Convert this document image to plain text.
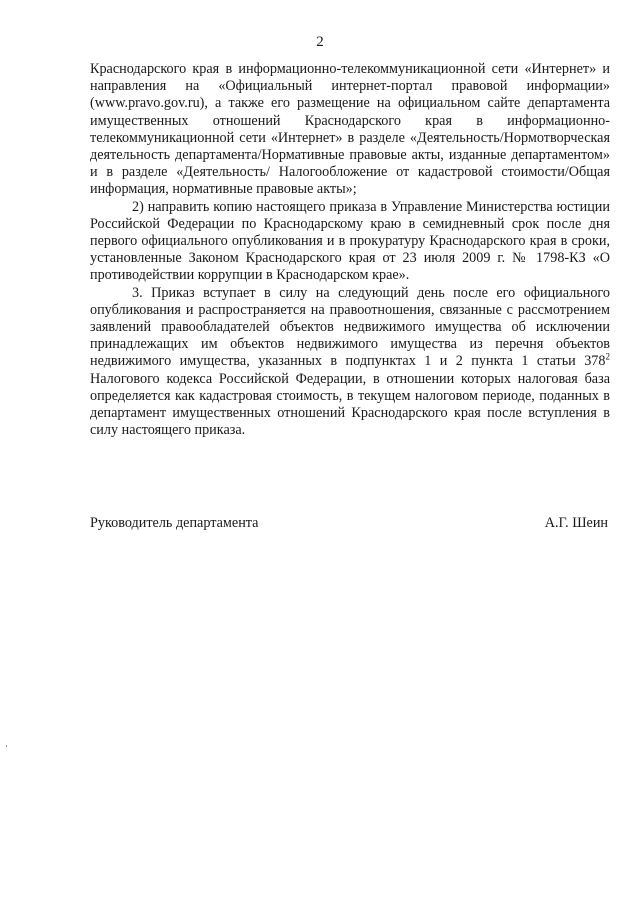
2

Краснодарского края в информационно-телекоммуникационной сети «Интернет» и направления на «Официальный интернет-портал правовой информации» (www.pravo.gov.ru), а также его размещение на официальном сайте департамента имущественных отношений Краснодарского края в информационно-телекоммуникационной сети «Интернет» в разделе «Деятельность/Нормотворческая деятельность департамента/Нормативные правовые акты, изданные департаментом» и в разделе «Деятельность/ Налогообложение от кадастровой стоимости/Общая информация, нормативные правовые акты»;

2) направить копию настоящего приказа в Управление Министерства юстиции Российской Федерации по Краснодарскому краю в семидневный срок после дня первого официального опубликования и в прокуратуру Краснодарского края в сроки, установленные Законом Краснодарского края от 23 июля 2009 г. № 1798-КЗ «О противодействии коррупции в Краснодарском крае».

3. Приказ вступает в силу на следующий день после его официального опубликования и распространяется на правоотношения, связанные с рассмотрением заявлений правообладателей объектов недвижимого имущества об исключении принадлежащих им объектов недвижимого имущества из перечня объектов недвижимого имущества, указанных в подпунктах 1 и 2 пункта 1 статьи $378^2$ Налогового кодекса Российской Федерации, в отношении которых налоговая база определяется как кадастровая стоимость, в текущем налоговом периоде, поданных в департамент имущественных отношений Краснодарского края после вступления в силу настоящего приказа.

Руководитель департамента	А.Г. Шеин
